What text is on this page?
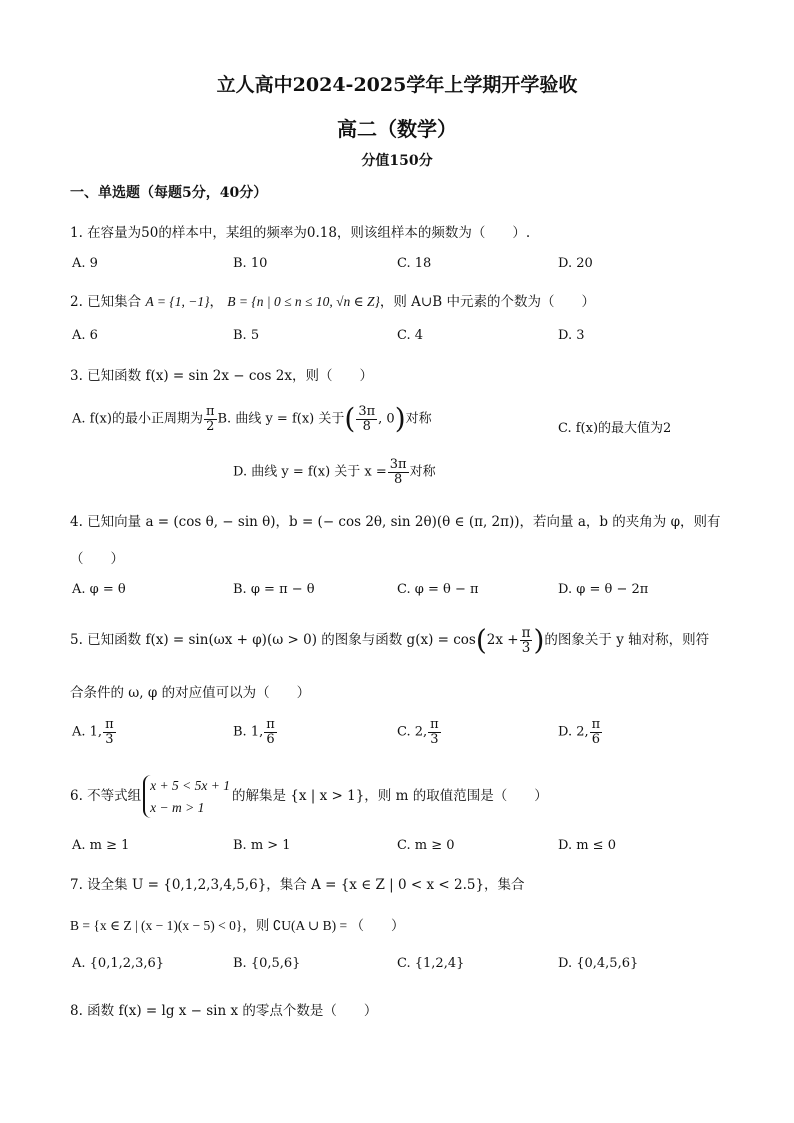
立人高中2024-2025学年上学期开学验收
高二（数学）
分值150分
一、单选题（每题5分，40分）
1. 在容量为50的样本中，某组的频率为0.18，则该组样本的频数为（　　）.
A. 9	B. 10	C. 18	D. 20
2. 已知集合 A = {1, −1}， B = {n | 0 ≤ n ≤ 10, √n ∈ Z}，则 A∪B 中元素的个数为（　　）
A. 6	B. 5	C. 4	D. 3
3. 已知函数 f(x) = sin 2x − cos 2x，则（　　）
A. f(x)的最小正周期为 $\frac{\pi}{2} B$. 曲线 y = f(x) 关于( $\frac{3\pi}{8}$ , 0)对称
C. f(x)的最大值为2
D. 曲线 y = f(x) 关于 $x = \frac{3\pi}{8}$ 对称
4. 已知向量 a = (cos θ, − sin θ)，b = (− cos 2θ, sin 2θ)(θ ∈ (π, 2π))，若向量 a，b 的夹角为 φ，则有
（　　）
A. φ = θ	B. φ = π − θ	C. φ = θ − π	D. φ = θ − 2π
5. 已知函数 f(x) = sin(ωx + φ)(ω > 0) 的图象与函数 $g(x) = \cos(2x + \frac{\pi}{3}$ )的图象关于 y 轴对称，则符
合条件的 ω, φ 的对应值可以为（　　）
A. 1, $\frac{\pi}{3}$	B. 1, $\frac{\pi}{6}$	C. 2, $\frac{\pi}{3}$	D. 2, $\frac{\pi}{6}$
6. 不等式组
x + 5 < 5x + 1
x − m > 1
的解集是 {x | x > 1}，则 m 的取值范围是（　　）
A. m ≥ 1	B. m > 1	C. m ≥ 0	D. m ≤ 0
7. 设全集 U = {0,1,2,3,4,5,6}，集合 A = {x ∈ Z | 0 < x < 2.5}，集合
B = {x ∈ Z | (x − 1)(x − 5) < 0}，则 ∁U(A ∪ B) = （　　）
A. {0,1,2,3,6}	B. {0,5,6}	C. {1,2,4}	D. {0,4,5,6}
8. 函数 f(x) = lg x − sin x 的零点个数是（　　）
